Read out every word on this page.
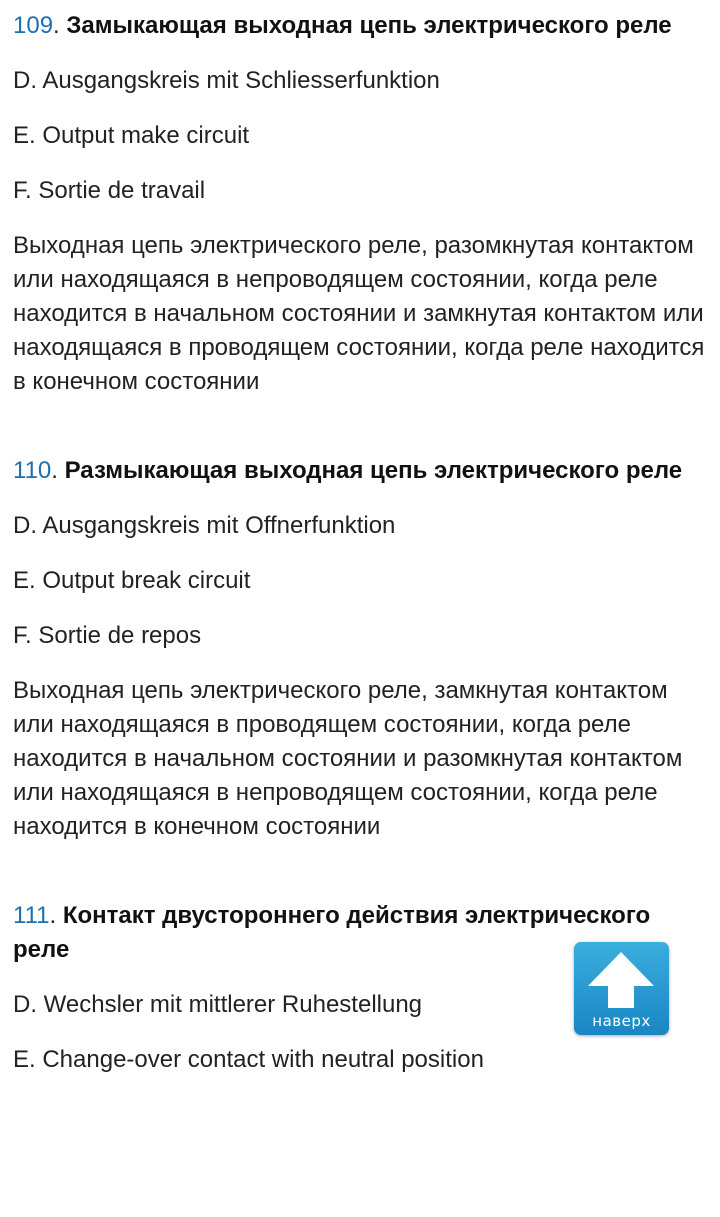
109. Замыкающая выходная цепь электрического реле

D. Ausgangskreis mit Schliesserfunktion

E. Output make circuit

F. Sortie de travail

Выходная цепь электрического реле, разомкнутая контактом или находящаяся в непроводящем состоянии, когда реле находится в начальном состоянии и замкнутая контактом или находящаяся в проводящем состоянии, когда реле находится в конечном состоянии

110. Размыкающая выходная цепь электрического реле

D. Ausgangskreis mit Offnerfunktion

E. Output break circuit

F. Sortie de repos

Выходная цепь электрического реле, замкнутая контактом или находящаяся в проводящем состоянии, когда реле находится в начальном состоянии и разомкнутая контактом или находящаяся в непроводящем состоянии, когда реле находится в конечном состоянии

111. Контакт двустороннего действия электрического реле

D. Wechsler mit mittlerer Ruhestellung

E. Change-over contact with neutral position

наверх
